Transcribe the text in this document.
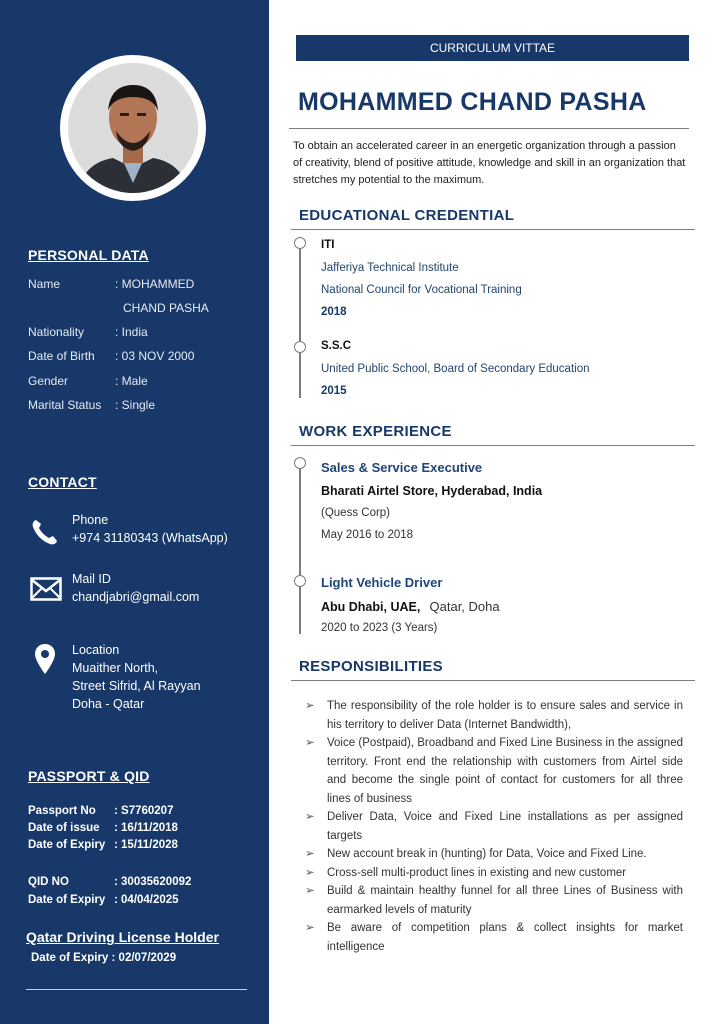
PERSONAL DATA
Name	: MOHAMMED
CHAND PASHA
Nationality	: India
Date of Birth : 03 NOV 2000
Gender	: Male
Marital Status : Single
CONTACT
Phone
+974 31180343 (WhatsApp)
Mail ID
chandjabri@gmail.com
Location
Muaither North,
Street Sifrid, Al Rayyan
Doha - Qatar
PASSPORT & QID
Passport No : S7760207
Date of issue : 16/11/2018
Date of Expiry : 15/11/2028
QID NO	: 30035620092
Date of Expiry : 04/04/2025
Qatar Driving License Holder
Date of Expiry : 02/07/2029
CURRICULUM VITTAE
MOHAMMED CHAND PASHA
To obtain an accelerated career in an energetic organization through a passion of creativity, blend of positive attitude, knowledge and skill in an organization that stretches my potential to the maximum.
EDUCATIONAL CREDENTIAL
ITI
Jafferiya Technical Institute
National Council for Vocational Training
2018
S.S.C
United Public School, Board of Secondary Education
2015
WORK EXPERIENCE
Sales & Service Executive
Bharati Airtel Store, Hyderabad, India
(Quess Corp)
May 2016 to 2018
Light Vehicle Driver
Abu Dhabi, UAE, Qatar, Doha
2020 to 2023 (3 Years)
RESPONSIBILITIES
➢ The responsibility of the role holder is to ensure sales and service in his territory to deliver Data (Internet Bandwidth),
➢ Voice (Postpaid), Broadband and Fixed Line Business in the assigned territory. Front end the relationship with customers from Airtel side and become the single point of contact for customers for all three lines of business
➢ Deliver Data, Voice and Fixed Line installations as per assigned targets
➢ New account break in (hunting) for Data, Voice and Fixed Line.
➢ Cross-sell multi-product lines in existing and new customer
➢ Build & maintain healthy funnel for all three Lines of Business with earmarked levels of maturity
➢ Be aware of competition plans & collect insights for market intelligence
